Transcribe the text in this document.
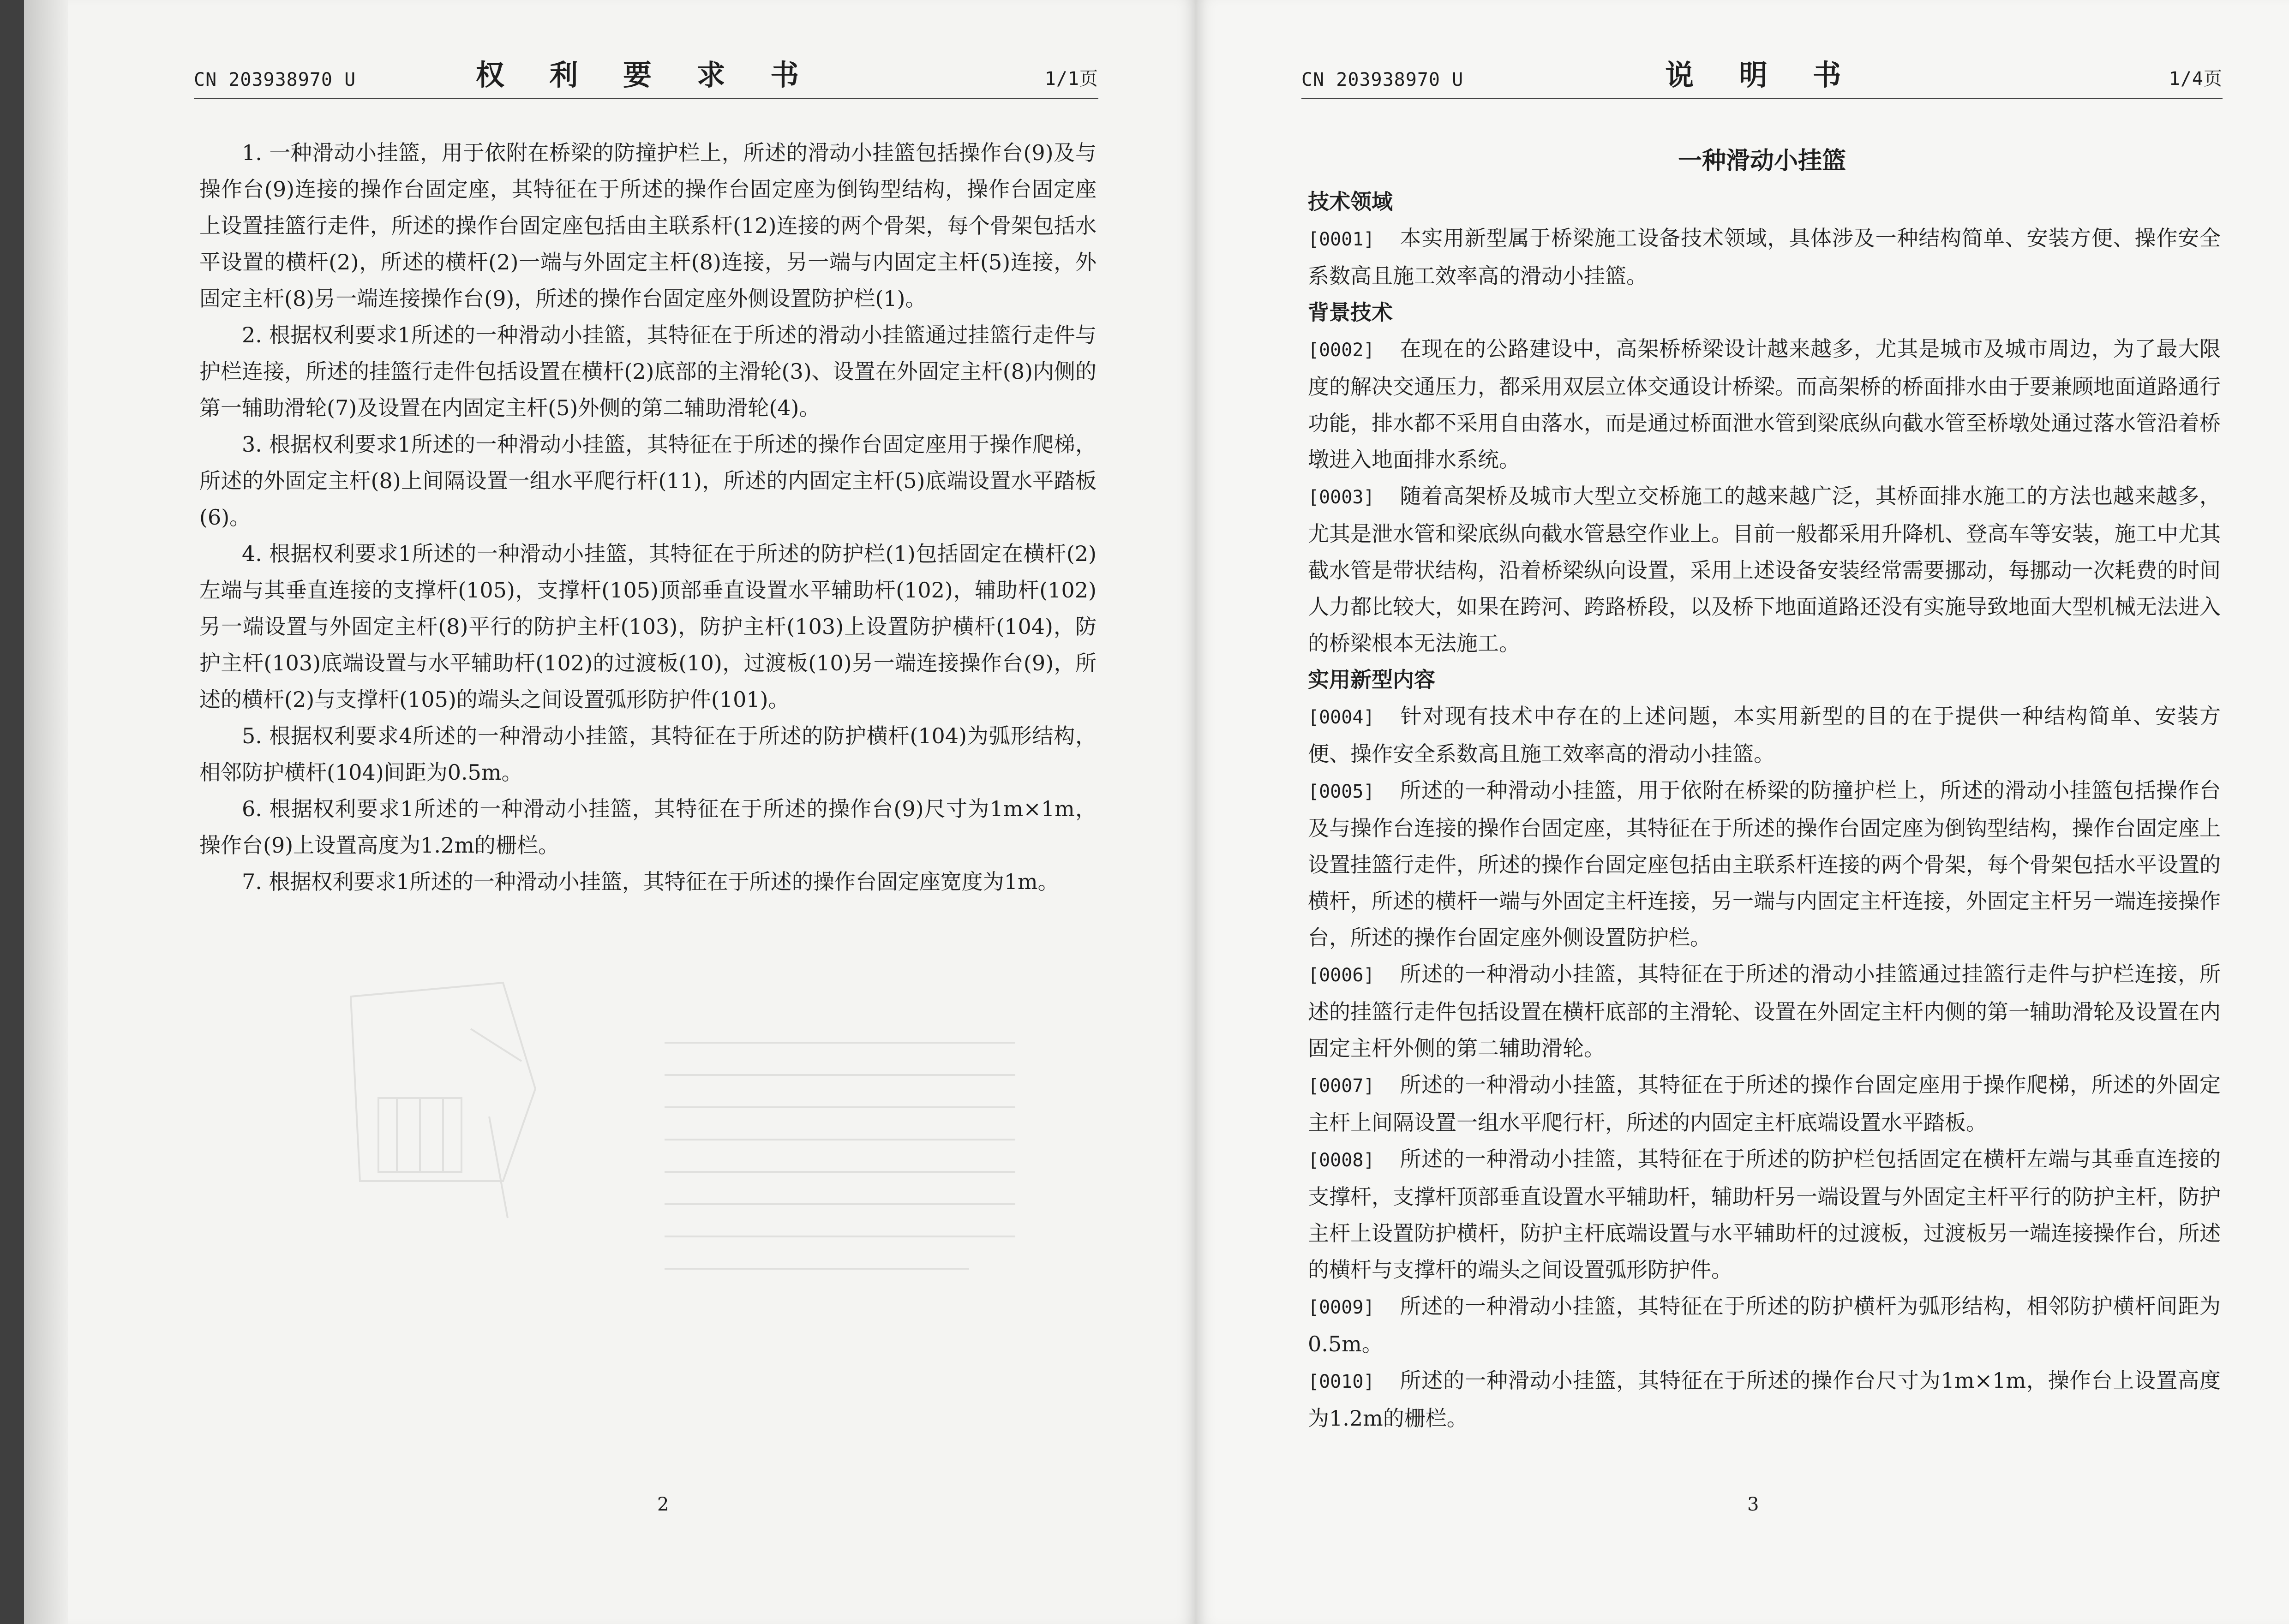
CN 203938970 U	权 利 要 求 书	1/1页

1. 一种滑动小挂篮，用于依附在桥梁的防撞护栏上，所述的滑动小挂篮包括操作台(9)及与操作台(9)连接的操作台固定座，其特征在于所述的操作台固定座为倒钩型结构，操作台固定座上设置挂篮行走件，所述的操作台固定座包括由主联系杆(12)连接的两个骨架，每个骨架包括水平设置的横杆(2)，所述的横杆(2)一端与外固定主杆(8)连接，另一端与内固定主杆(5)连接，外固定主杆(8)另一端连接操作台(9)，所述的操作台固定座外侧设置防护栏(1)。

2. 根据权利要求1所述的一种滑动小挂篮，其特征在于所述的滑动小挂篮通过挂篮行走件与护栏连接，所述的挂篮行走件包括设置在横杆(2)底部的主滑轮(3)、设置在外固定主杆(8)内侧的第一辅助滑轮(7)及设置在内固定主杆(5)外侧的第二辅助滑轮(4)。

3. 根据权利要求1所述的一种滑动小挂篮，其特征在于所述的操作台固定座用于操作爬梯，所述的外固定主杆(8)上间隔设置一组水平爬行杆(11)，所述的内固定主杆(5)底端设置水平踏板(6)。

4. 根据权利要求1所述的一种滑动小挂篮，其特征在于所述的防护栏(1)包括固定在横杆(2)左端与其垂直连接的支撑杆(105)，支撑杆(105)顶部垂直设置水平辅助杆(102)，辅助杆(102)另一端设置与外固定主杆(8)平行的防护主杆(103)，防护主杆(103)上设置防护横杆(104)，防护主杆(103)底端设置与水平辅助杆(102)的过渡板(10)，过渡板(10)另一端连接操作台(9)，所述的横杆(2)与支撑杆(105)的端头之间设置弧形防护件(101)。

5. 根据权利要求4所述的一种滑动小挂篮，其特征在于所述的防护横杆(104)为弧形结构，相邻防护横杆(104)间距为0.5m。

6. 根据权利要求1所述的一种滑动小挂篮，其特征在于所述的操作台(9)尺寸为1m×1m，操作台(9)上设置高度为1.2m的栅栏。

7. 根据权利要求1所述的一种滑动小挂篮，其特征在于所述的操作台固定座宽度为1m。

2
CN 203938970 U	说 明 书	1/4页
一种滑动小挂篮

技术领域

[0001] 本实用新型属于桥梁施工设备技术领域，具体涉及一种结构简单、安装方便、操作安全系数高且施工效率高的滑动小挂篮。

背景技术

[0002] 在现在的公路建设中，高架桥桥梁设计越来越多，尤其是城市及城市周边，为了最大限度的解决交通压力，都采用双层立体交通设计桥梁。而高架桥的桥面排水由于要兼顾地面道路通行功能，排水都不采用自由落水，而是通过桥面泄水管到梁底纵向截水管至桥墩处通过落水管沿着桥墩进入地面排水系统。

[0003] 随着高架桥及城市大型立交桥施工的越来越广泛，其桥面排水施工的方法也越来越多，尤其是泄水管和梁底纵向截水管悬空作业上。目前一般都采用升降机、登高车等安装，施工中尤其截水管是带状结构，沿着桥梁纵向设置，采用上述设备安装经常需要挪动，每挪动一次耗费的时间人力都比较大，如果在跨河、跨路桥段，以及桥下地面道路还没有实施导致地面大型机械无法进入的桥梁根本无法施工。

实用新型内容

[0004] 针对现有技术中存在的上述问题，本实用新型的目的在于提供一种结构简单、安装方便、操作安全系数高且施工效率高的滑动小挂篮。

[0005] 所述的一种滑动小挂篮，用于依附在桥梁的防撞护栏上，所述的滑动小挂篮包括操作台及与操作台连接的操作台固定座，其特征在于所述的操作台固定座为倒钩型结构，操作台固定座上设置挂篮行走件，所述的操作台固定座包括由主联系杆连接的两个骨架，每个骨架包括水平设置的横杆，所述的横杆一端与外固定主杆连接，另一端与内固定主杆连接，外固定主杆另一端连接操作台，所述的操作台固定座外侧设置防护栏。

[0006] 所述的一种滑动小挂篮，其特征在于所述的滑动小挂篮通过挂篮行走件与护栏连接，所述的挂篮行走件包括设置在横杆底部的主滑轮、设置在外固定主杆内侧的第一辅助滑轮及设置在内固定主杆外侧的第二辅助滑轮。

[0007] 所述的一种滑动小挂篮，其特征在于所述的操作台固定座用于操作爬梯，所述的外固定主杆上间隔设置一组水平爬行杆，所述的内固定主杆底端设置水平踏板。

[0008] 所述的一种滑动小挂篮，其特征在于所述的防护栏包括固定在横杆左端与其垂直连接的支撑杆，支撑杆顶部垂直设置水平辅助杆，辅助杆另一端设置与外固定主杆平行的防护主杆，防护主杆上设置防护横杆，防护主杆底端设置与水平辅助杆的过渡板，过渡板另一端连接操作台，所述的横杆与支撑杆的端头之间设置弧形防护件。

[0009] 所述的一种滑动小挂篮，其特征在于所述的防护横杆为弧形结构，相邻防护横杆间距为0.5m。

[0010] 所述的一种滑动小挂篮，其特征在于所述的操作台尺寸为1m×1m，操作台上设置高度为1.2m的栅栏。

3
